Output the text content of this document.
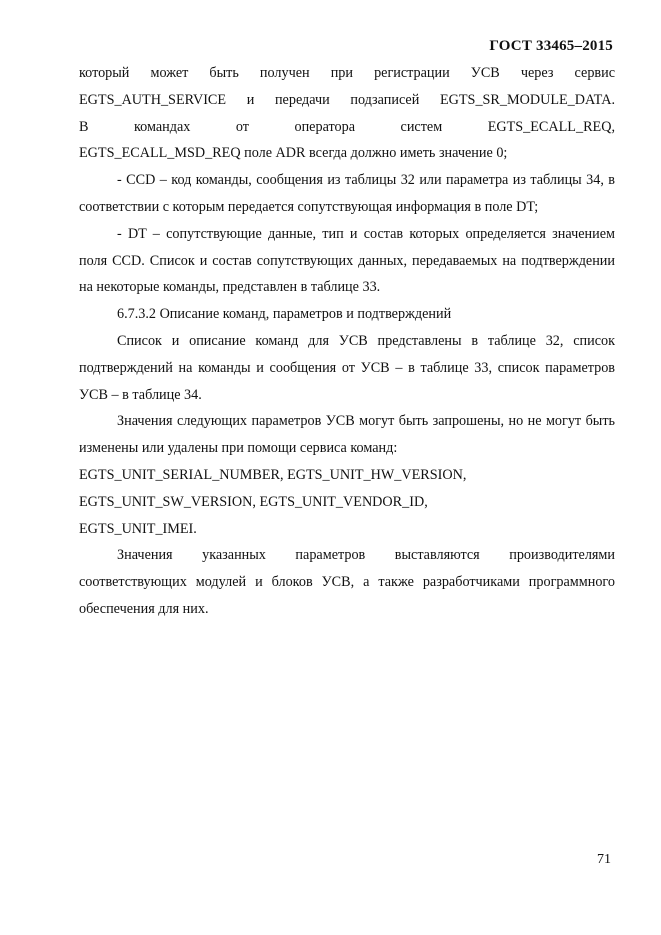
ГОСТ 33465–2015

который может быть получен при регистрации УСВ через сервис
EGTS_AUTH_SERVICE и передачи подзаписей EGTS_SR_MODULE_DATA.
В командах от оператора систем EGTS_ECALL_REQ,
EGTS_ECALL_MSD_REQ поле ADR всегда должно иметь значение 0;

- CCD – код команды, сообщения из таблицы 32 или параметра из таблицы 34, в соответствии с которым передается сопутствующая информация в поле DT;

- DT – сопутствующие данные, тип и состав которых определяется значением поля CCD. Список и состав сопутствующих данных, передаваемых на подтверждении на некоторые команды, представлен в таблице 33.

6.7.3.2 Описание команд, параметров и подтверждений

Список и описание команд для УСВ представлены в таблице 32, список подтверждений на команды и сообщения от УСВ – в таблице 33, список параметров УСВ – в таблице 34.

Значения следующих параметров УСВ могут быть запрошены, но не могут быть изменены или удалены при помощи сервиса команд:

EGTS_UNIT_SERIAL_NUMBER, EGTS_UNIT_HW_VERSION,
EGTS_UNIT_SW_VERSION, EGTS_UNIT_VENDOR_ID,
EGTS_UNIT_IMEI.

Значения указанных параметров выставляются производителями соответствующих модулей и блоков УСВ, а также разработчиками программного обеспечения для них.

71
